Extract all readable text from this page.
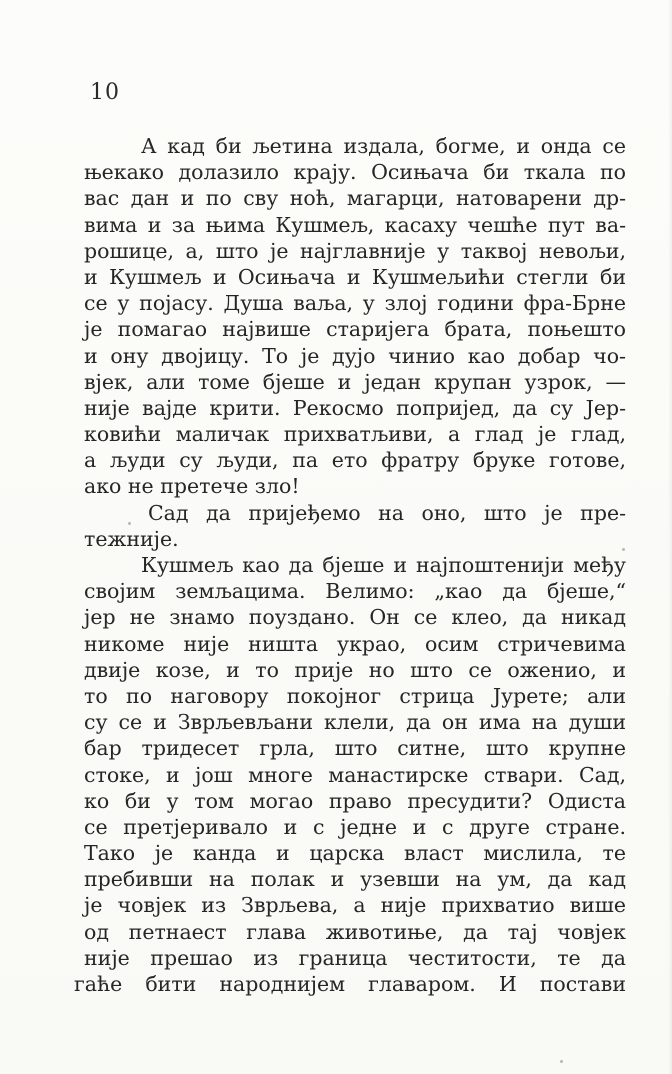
10
А кад би љетина издала, богме, и онда се
њекако долазило крају. Осињача би ткала по
вас дан и по сву ноћ, магарци, натоварени др-
вима и за њима Кушмељ, касаху чешће пут ва-
рошице, а, што је најглавније у таквој невољи,
и Кушмељ и Осињача и Кушмељићи стегли би
се у појасу. Душа ваља, у злој години фра-Брне
је помагао највише старијега брата, поњешто
и ону двојицу. То је дујо чинио као добар чо-
вјек, али томе бјеше и један крупан узрок, —
није вајде крити. Рекосмо попријед, да су Јер-
ковићи маличак прихватљиви, а глад је глад,
а људи су људи, па ето фратру бруке готове,
ако не претече зло!
Сад да пријеђемо на оно, што је пре-
тежније.
Кушмељ као да бјеше и најпоштенији међу
својим земљацима. Велимо: „као да бјеше,“
јер не знамо поуздано. Он се клео, да никад
никоме није ништа украо, осим стричевима
двије козе, и то прије но што се оженио, и
то по наговору покојног стрица Јурете; али
су се и Зврљевљани клели, да он има на души
бар тридесет грла, што ситне, што крупне
стоке, и још многе манастирске ствари. Сад,
ко би у том могао право пресудити? Одиста
се претјеривало и с једне и с друге стране.
Тако је канда и царска власт мислила, те
пребивши на полак и узевши на ум, да кад
је човјек из Зврљева, а није прихватио више
од петнаест глава животиње, да тај човјек
није прешао из граница честитости, те да
гаће бити народнијем главаром. И постави
